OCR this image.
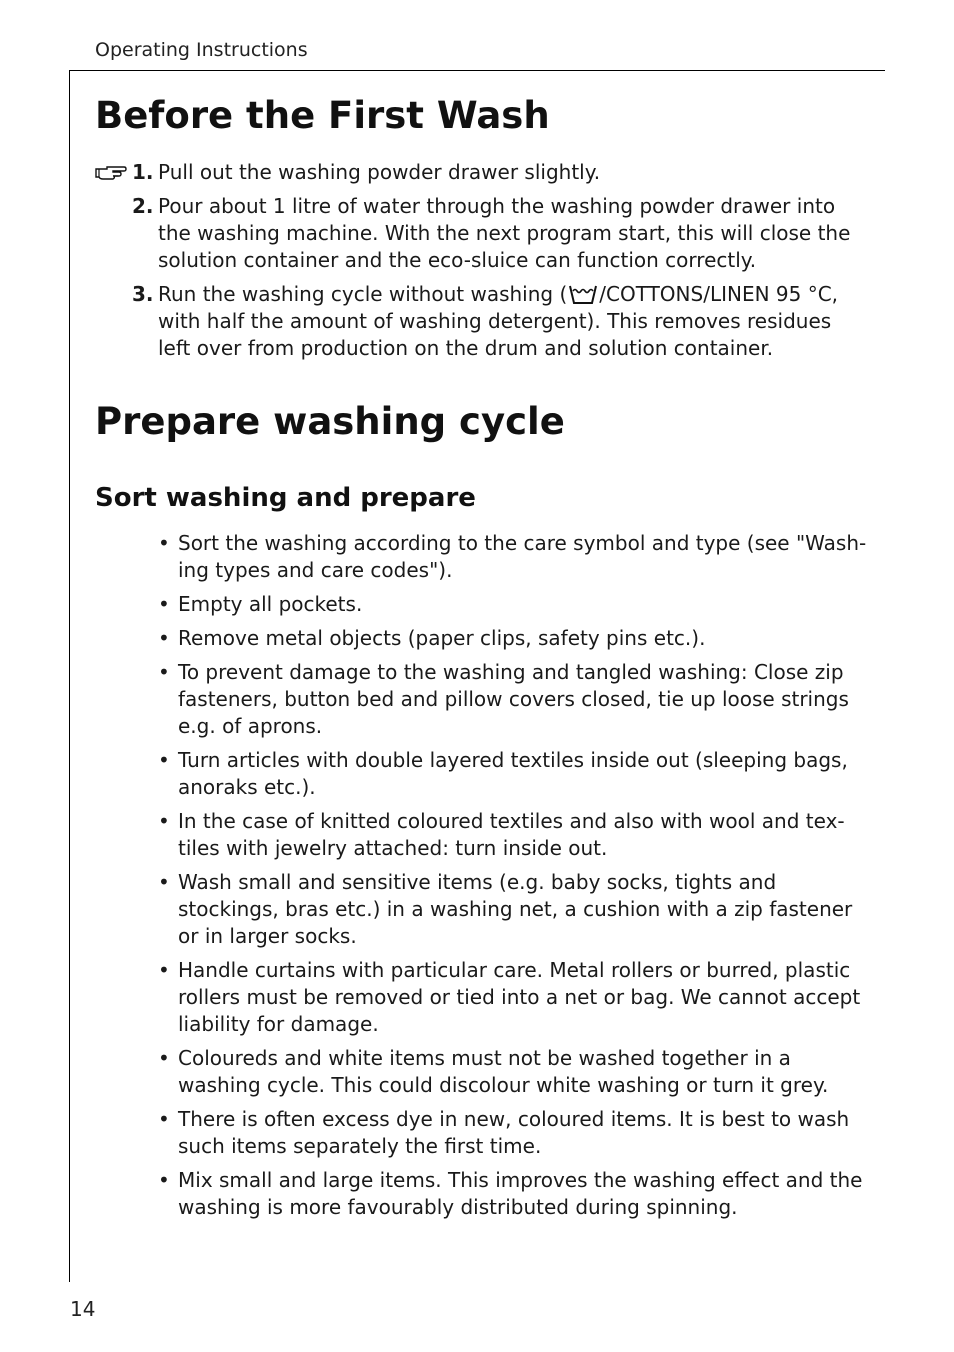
Operating Instructions
Before the First Wash
1. Pull out the washing powder drawer slightly.
2. Pour about 1 litre of water through the washing powder drawer into the washing machine. With the next program start, this will close the solution container and the eco-sluice can function correctly.
3. Run the washing cycle without washing ( /COTTONS/LINEN 95 °C, with half the amount of washing detergent). This removes residues left over from production on the drum and solution container.
Prepare washing cycle
Sort washing and prepare
• Sort the washing according to the care symbol and type (see "Wash-ing types and care codes").
• Empty all pockets.
• Remove metal objects (paper clips, safety pins etc.).
• To prevent damage to the washing and tangled washing: Close zip fasteners, button bed and pillow covers closed, tie up loose strings e.g. of aprons.
• Turn articles with double layered textiles inside out (sleeping bags, anoraks etc.).
• In the case of knitted coloured textiles and also with wool and tex-tiles with jewelry attached: turn inside out.
• Wash small and sensitive items (e.g. baby socks, tights and stockings, bras etc.) in a washing net, a cushion with a zip fastener or in larger socks.
• Handle curtains with particular care. Metal rollers or burred, plastic rollers must be removed or tied into a net or bag. We cannot accept liability for damage.
• Coloureds and white items must not be washed together in a washing cycle. This could discolour white washing or turn it grey.
• There is often excess dye in new, coloured items. It is best to wash such items separately the first time.
• Mix small and large items. This improves the washing effect and the washing is more favourably distributed during spinning.
14
